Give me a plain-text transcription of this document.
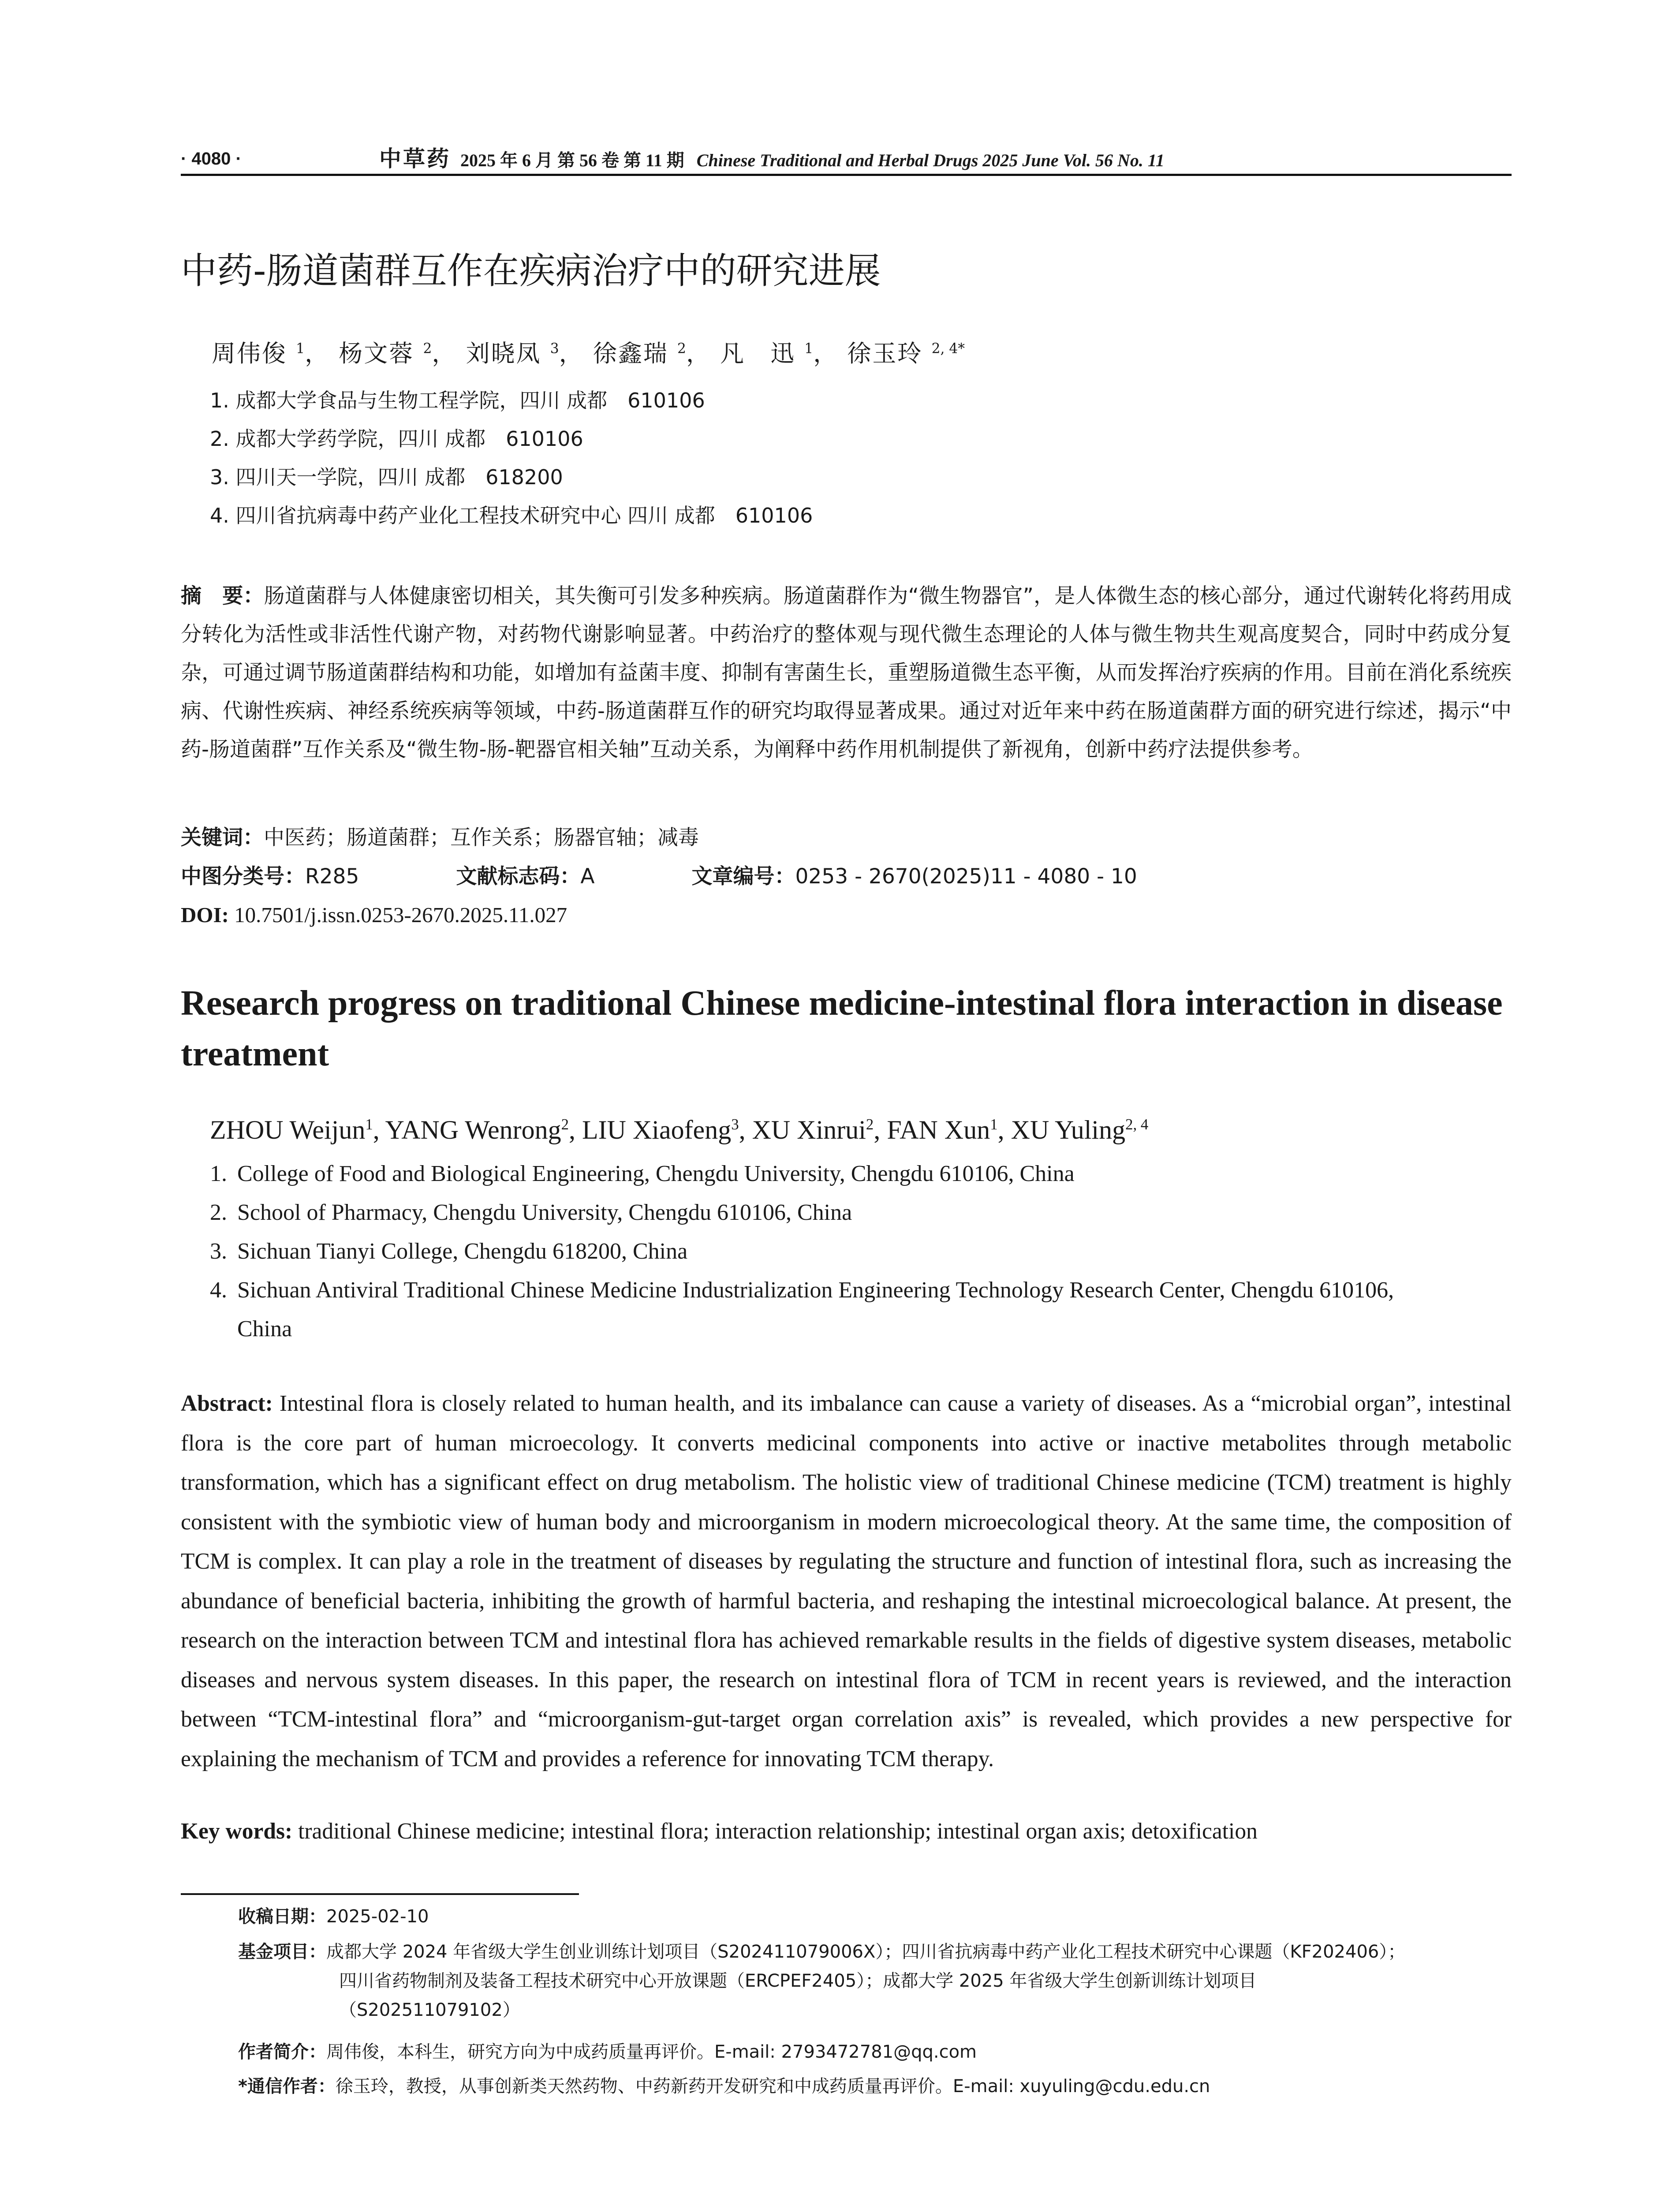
· 4080 ·	中草药 2025 年 6 月 第 56 卷 第 11 期 Chinese Traditional and Herbal Drugs 2025 June Vol. 56 No. 11
中药-肠道菌群互作在疾病治疗中的研究进展
周伟俊 $^1$， 杨文蓉 $^2$， 刘晓凤 $^3$， 徐鑫瑞 $^2$， 凡　迅 $^1$， 徐玉玲 $^{2, 4*}$
1. 成都大学食品与生物工程学院，四川 成都　610106
2. 成都大学药学院，四川 成都　610106
3. 四川天一学院，四川 成都　618200
4. 四川省抗病毒中药产业化工程技术研究中心 四川 成都　610106
摘　要：肠道菌群与人体健康密切相关，其失衡可引发多种疾病。肠道菌群作为“微生物器官”，是人体微生态的核心部分，通过代谢转化将药用成分转化为活性或非活性代谢产物，对药物代谢影响显著。中药治疗的整体观与现代微生态理论的人体与微生物共生观高度契合，同时中药成分复杂，可通过调节肠道菌群结构和功能，如增加有益菌丰度、抑制有害菌生长，重塑肠道微生态平衡，从而发挥治疗疾病的作用。目前在消化系统疾病、代谢性疾病、神经系统疾病等领域，中药-肠道菌群互作的研究均取得显著成果。通过对近年来中药在肠道菌群方面的研究进行综述，揭示“中药-肠道菌群”互作关系及“微生物-肠-靶器官相关轴”互动关系，为阐释中药作用机制提供了新视角，创新中药疗法提供参考。
关键词：中医药；肠道菌群；互作关系；肠器官轴；减毒
中图分类号：R285	文献标志码：A	文章编号：0253 - 2670(2025)11 - 4080 - 10
DOI: 10.7501/j.issn.0253-2670.2025.11.027
Research progress on traditional Chinese medicine-intestinal flora interaction in disease treatment
ZHOU Weijun$^1$, YANG Wenrong$^2$, LIU Xiaofeng$^3$, XU Xinrui$^2$, FAN Xun$^1$, XU Yuling$^{2, 4}$
1. College of Food and Biological Engineering, Chengdu University, Chengdu 610106, China
2. School of Pharmacy, Chengdu University, Chengdu 610106, China
3. Sichuan Tianyi College, Chengdu 618200, China
4. Sichuan Antiviral Traditional Chinese Medicine Industrialization Engineering Technology Research Center, Chengdu 610106,
China
Abstract: Intestinal flora is closely related to human health, and its imbalance can cause a variety of diseases. As a “microbial organ”, intestinal flora is the core part of human microecology. It converts medicinal components into active or inactive metabolites through metabolic transformation, which has a significant effect on drug metabolism. The holistic view of traditional Chinese medicine (TCM) treatment is highly consistent with the symbiotic view of human body and microorganism in modern microecological theory. At the same time, the composition of TCM is complex. It can play a role in the treatment of diseases by regulating the structure and function of intestinal flora, such as increasing the abundance of beneficial bacteria, inhibiting the growth of harmful bacteria, and reshaping the intestinal microecological balance. At present, the research on the interaction between TCM and intestinal flora has achieved remarkable results in the fields of digestive system diseases, metabolic diseases and nervous system diseases. In this paper, the research on intestinal flora of TCM in recent years is reviewed, and the interaction between “TCM-intestinal flora” and “microorganism-gut-target organ correlation axis” is revealed, which provides a new perspective for explaining the mechanism of TCM and provides a reference for innovating TCM therapy.
Key words: traditional Chinese medicine; intestinal flora; interaction relationship; intestinal organ axis; detoxification
收稿日期：2025-02-10
基金项目：成都大学 2024 年省级大学生创业训练计划项目（S202411079006X）；四川省抗病毒中药产业化工程技术研究中心课题（KF202406）；
四川省药物制剂及装备工程技术研究中心开放课题（ERCPEF2405）；成都大学 2025 年省级大学生创新训练计划项目
（S202511079102）
作者简介：周伟俊，本科生，研究方向为中成药质量再评价。E-mail: 2793472781@qq.com
*通信作者：徐玉玲，教授，从事创新类天然药物、中药新药开发研究和中成药质量再评价。E-mail: xuyuling@cdu.edu.cn
